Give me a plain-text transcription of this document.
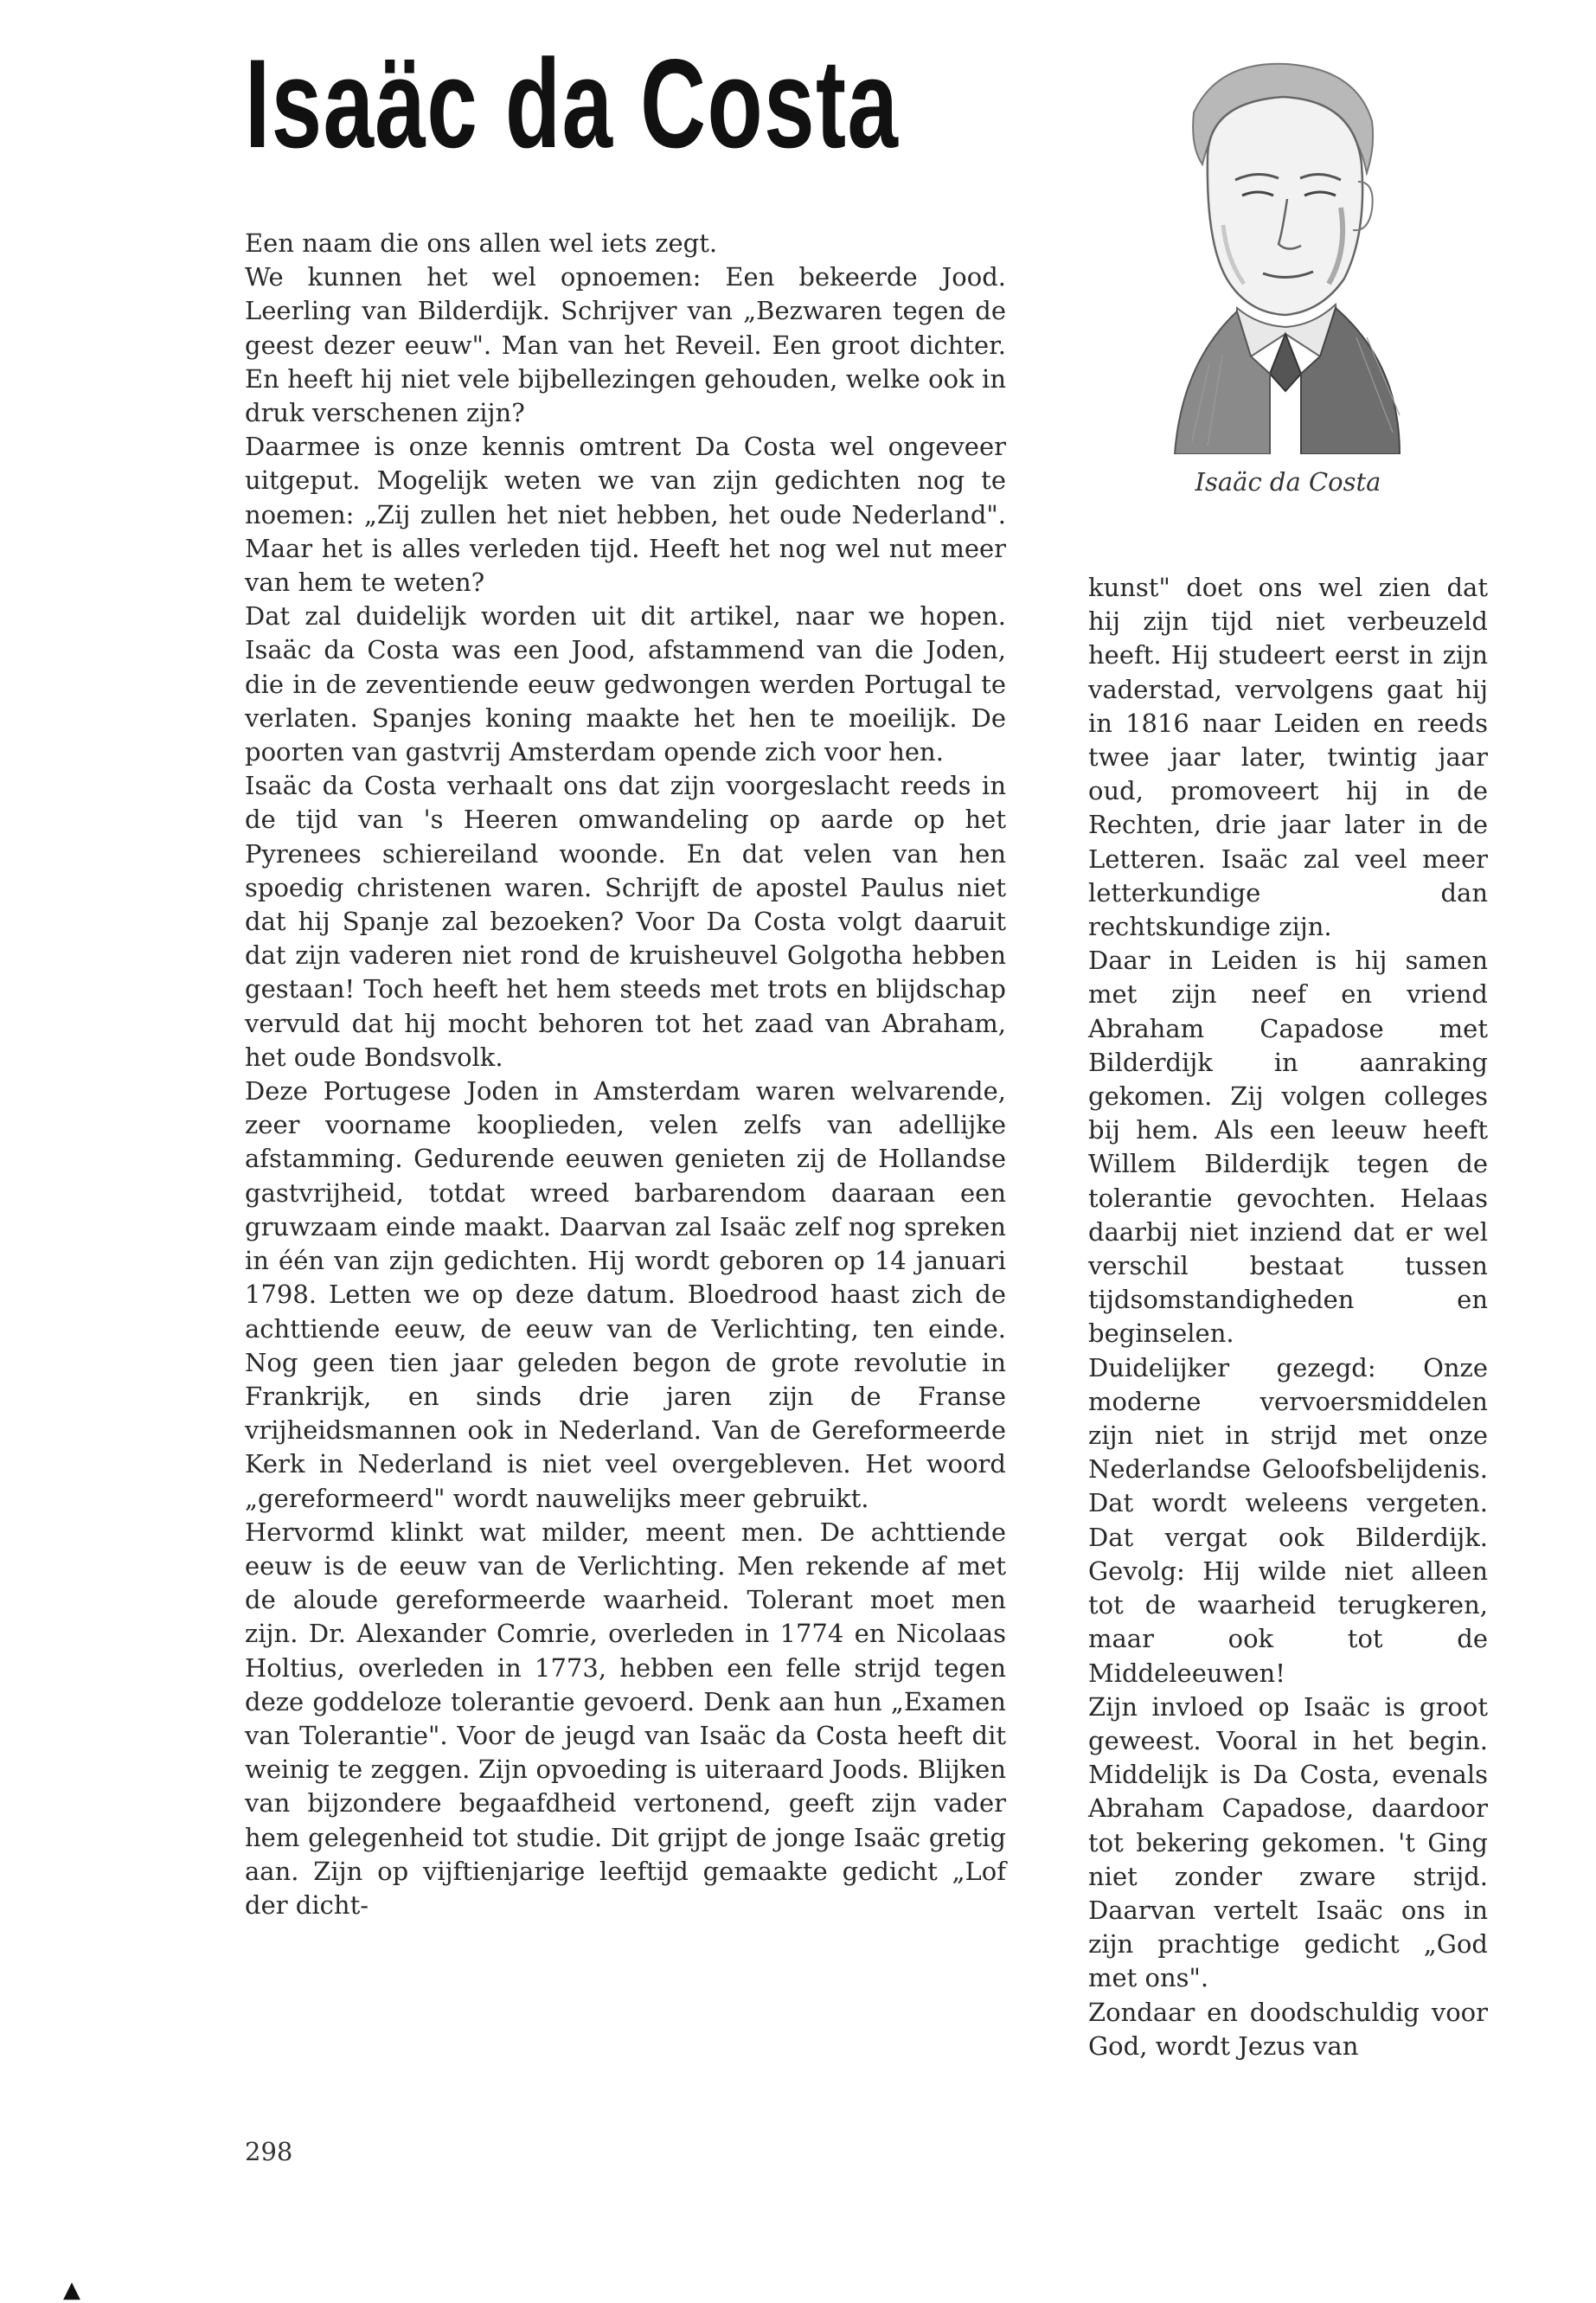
Isaäc da Costa

Isaäc da Costa

Een naam die ons allen wel iets zegt.

We kunnen het wel opnoemen: Een bekeerde Jood. Leerling van Bilderdijk. Schrijver van „Bezwaren tegen de geest dezer eeuw". Man van het Reveil. Een groot dichter. En heeft hij niet vele bijbellezingen gehouden, welke ook in druk verschenen zijn?

Daarmee is onze kennis omtrent Da Costa wel ongeveer uitgeput. Mogelijk weten we van zijn gedichten nog te noemen: „Zij zullen het niet hebben, het oude Nederland". Maar het is alles verleden tijd. Heeft het nog wel nut meer van hem te weten?

Dat zal duidelijk worden uit dit artikel, naar we hopen. Isaäc da Costa was een Jood, afstammend van die Joden, die in de zeventiende eeuw gedwongen werden Portugal te verlaten. Spanjes koning maakte het hen te moeilijk. De poorten van gastvrij Amsterdam opende zich voor hen.

Isaäc da Costa verhaalt ons dat zijn voorgeslacht reeds in de tijd van 's Heeren omwandeling op aarde op het Pyrenees schiereiland woonde. En dat velen van hen spoedig christenen waren. Schrijft de apostel Paulus niet dat hij Spanje zal bezoeken? Voor Da Costa volgt daaruit dat zijn vaderen niet rond de kruisheuvel Golgotha hebben gestaan! Toch heeft het hem steeds met trots en blijdschap vervuld dat hij mocht behoren tot het zaad van Abraham, het oude Bondsvolk.

Deze Portugese Joden in Amsterdam waren welvarende, zeer voorname kooplieden, velen zelfs van adellijke afstamming. Gedurende eeuwen genieten zij de Hollandse gastvrijheid, totdat wreed barbarendom daaraan een gruwzaam einde maakt. Daarvan zal Isaäc zelf nog spreken in één van zijn gedichten. Hij wordt geboren op 14 januari 1798. Letten we op deze datum. Bloedrood haast zich de achttiende eeuw, de eeuw van de Verlichting, ten einde. Nog geen tien jaar geleden begon de grote revolutie in Frankrijk, en sinds drie jaren zijn de Franse vrijheidsmannen ook in Nederland. Van de Gereformeerde Kerk in Nederland is niet veel overgebleven. Het woord „gereformeerd" wordt nauwelijks meer gebruikt.

Hervormd klinkt wat milder, meent men. De achttiende eeuw is de eeuw van de Verlichting. Men rekende af met de aloude gereformeerde waarheid. Tolerant moet men zijn. Dr. Alexander Comrie, overleden in 1774 en Nicolaas Holtius, overleden in 1773, hebben een felle strijd tegen deze goddeloze tolerantie gevoerd. Denk aan hun „Examen van Tolerantie". Voor de jeugd van Isaäc da Costa heeft dit weinig te zeggen. Zijn opvoeding is uiteraard Joods. Blijken van bijzondere begaafdheid vertonend, geeft zijn vader hem gelegenheid tot studie. Dit grijpt de jonge Isaäc gretig aan. Zijn op vijftienjarige leeftijd gemaakte gedicht „Lof der dicht-

kunst" doet ons wel zien dat hij zijn tijd niet verbeuzeld heeft. Hij studeert eerst in zijn vaderstad, vervolgens gaat hij in 1816 naar Leiden en reeds twee jaar later, twintig jaar oud, promoveert hij in de Rechten, drie jaar later in de Letteren. Isaäc zal veel meer letterkundige dan rechtskundige zijn.

Daar in Leiden is hij samen met zijn neef en vriend Abraham Capadose met Bilderdijk in aanraking gekomen. Zij volgen colleges bij hem. Als een leeuw heeft Willem Bilderdijk tegen de tolerantie gevochten. Helaas daarbij niet inziend dat er wel verschil bestaat tussen tijdsomstandigheden en beginselen.

Duidelijker gezegd: Onze moderne vervoersmiddelen zijn niet in strijd met onze Nederlandse Geloofsbelijdenis. Dat wordt weleens vergeten. Dat vergat ook Bilderdijk. Gevolg: Hij wilde niet alleen tot de waarheid terugkeren, maar ook tot de Middeleeuwen!

Zijn invloed op Isaäc is groot geweest. Vooral in het begin. Middelijk is Da Costa, evenals Abraham Capadose, daardoor tot bekering gekomen. 't Ging niet zonder zware strijd. Daarvan vertelt Isaäc ons in zijn prachtige gedicht „God met ons".

Zondaar en doodschuldig voor God, wordt Jezus van

298

▲
